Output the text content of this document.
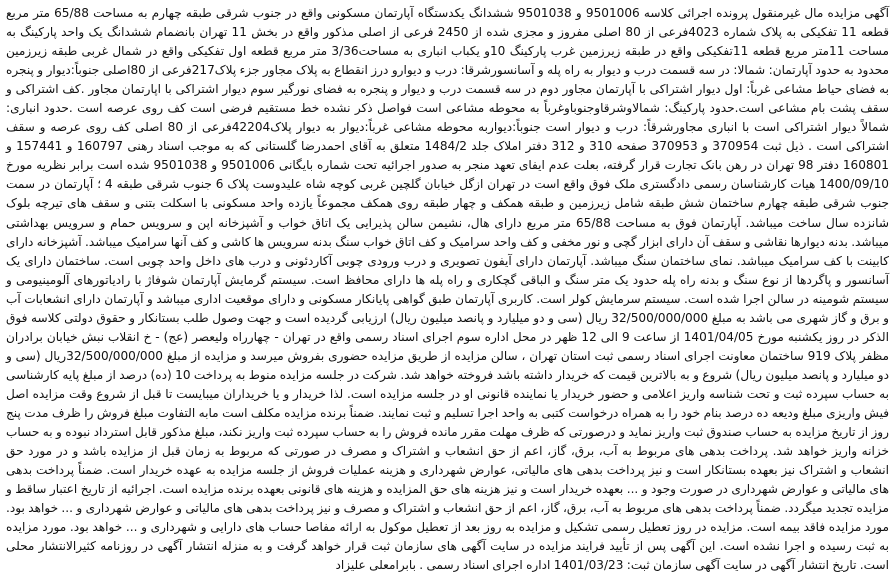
آگهی مزایده مال غیرمنقول پرونده اجرائی کلاسه 9501006 و 9501038 ششدانگ یکدستگاه آپارتمان مسکونی واقع در جنوب شرقی طبقه چهارم به مساحت 65/88 متر مربع قطعه 11 تفکیکی به پلاک شماره 4023فرعی از 80 اصلی مفروز و مجزی شده از 2450 فرعی از اصلی مذکور واقع در بخش 11 تهران بانضمام ششدانگ یک واحد پارکینگ به مساحت 11متر مربع قطعه 11تفکیکی واقع در طبقه زیرزمین غرب پارکینگ 10و یکباب انباری به مساحت3/36 متر مربع قطعه اول تفکیکی واقع در شمال غربی طبقه زیرزمین محدود به حدود آپارتمان: شمالا: در سه قسمت درب و دیوار به راه پله و آسانسورشرقا: درب و دیوارو درز انقطاع به پلاک مجاور جزء پلاک217فرعی از 80اصلی جنوباً:دیوار و پنجره به فضای حیاط مشاعی غرباً: اول دیوار اشتراکی با آپارتمان مجاور دوم در سه قسمت درب و دیوار و پنجره به فضای نورگیر سوم دیوار اشتراکی با اپارتمان مجاور .کف اشتراکی و سقف پشت بام مشاعی است.حدود پارکینگ: شمالاوشرقاوجنوباوغرباً به محوطه مشاعی است فواصل ذکر نشده خط مستقیم فرضی است کف روی عرصه است .حدود انباری: شمالاً دیوار اشتراکی است با انباری مجاورشرقاً: درب و دیوار است جنوباً:دیواربه محوطه مشاعی غرباً:دیوار به دیوار پلاک42204فرعی از 80 اصلی کف روی عرصه و سقف اشتراکی است . ذیل ثبت 370954 و 370953 صفحه 310 و 312 دفتر املاک جلد 1484/2 متعلق به آقای احمدرضا گلستانی که به موجب اسناد رهنی 160797 و 157441 و 160801 دفتر 98 تهران در رهن بانک تجارت قرار گرفته، بعلت عدم ایفای تعهد منجر به صدور اجرائیه تحت شماره بایگانی 9501006 و 9501038 شده است برابر نظریه مورخ 1400/09/10 هیات کارشناسان رسمی دادگستری ملک فوق واقع است در تهران ازگل خیابان گلچین غربی کوچه شاه علیدوست پلاک 6 جنوب شرقی طبقه 4 ؛ آپارتمان در سمت جنوب شرقی طبقه چهارم ساختمان شش طبقه شامل زیرزمین و طبقه همکف و چهار طبقه روی همکف مجموعاً یازده واحد مسکونی با اسکلت بتنی و سقف های تیرچه بلوک شانزده سال ساخت میباشد. آپارتمان فوق به مساحت 65/88 متر مربع دارای هال، نشیمن سالن پذیرایی یک اتاق خواب و آشپزخانه اپن و سرویس حمام و سرویس بهداشتی میباشد. بدنه دیوارها نقاشی و سقف آن دارای ابزار گچی و نور مخفی و کف واحد سرامیک و کف اتاق خواب سنگ بدنه سرویس ها کاشی و کف آنها سرامیک میباشد. آشپزخانه دارای کابینت با کف سرامیک میباشد. نمای ساختمان سنگ میباشد. آپارتمان دارای آیفون تصویری و درب ورودی چوبی آکاردئونی و درب های داخل واحد چوبی است. ساختمان دارای یک آسانسور و پاگردها از نوع سنگ و بدنه راه پله حدود یک متر سنگ و الباقی گچکاری و راه پله ها دارای محافظ است. سیستم گرمایش آپارتمان شوفاژ با رادیاتورهای آلومینیومی و سیستم شومینه در سالن اجرا شده است. سیستم سرمایش کولر است. کاربری آپارتمان طبق گواهی پایانکار مسکونی و دارای موقعیت اداری میباشد و آپارتمان دارای انشعابات آب و برق و گاز شهری می باشد به مبلغ 32/500/000/000 ریال (سی و دو میلیارد و پانصد میلیون ریال) ارزیابی گردیده است و جهت وصول طلب بستانکار و حقوق دولتی کلاسه فوق الذکر در روز یکشنبه مورخ 1401/04/05 از ساعت 9 الی 12 ظهر در محل اداره سوم اجرای اسناد رسمی واقع در تهران - چهارراه ولیعصر (عج) - خ انقلاب نبش خیابان برادران مظفر پلاک 919 ساختمان معاونت اجرای اسناد رسمی ثبت استان تهران ، سالن مزایده از طریق مزایده حضوری بفروش میرسد و مزایده از مبلغ 32/500/000/000ریال (سی و دو میلیارد و پانصد میلیون ریال) شروع و به بالاترین قیمت که خریدار داشته باشد فروخته خواهد شد. شرکت در جلسه مزایده منوط به پرداخت 10 (ده) درصد از مبلغ پایه کارشناسی به حساب سپرده ثبت و تحت شناسه واریز اعلامی و حضور خریدار یا نماینده قانونی او در جلسه مزایده است. لذا خریدار و یا خریداران میبایست تا قبل از شروع وقت مزایده اصل فیش واریزی مبلغ ودیعه ده درصد بنام خود را به همراه درخواست کتبی به واحد اجرا تسلیم و ثبت نمایند. ضمناً برنده مزایده مکلف است مابه التفاوت مبلغ فروش را ظرف مدت پنج روز از تاریخ مزایده به حساب صندوق ثبت واریز نماید و درصورتی که ظرف مهلت مقرر مانده فروش را به حساب سپرده ثبت واریز نکند، مبلغ مذکور قابل استرداد نبوده و به حساب خزانه واریز خواهد شد. پرداخت بدهی های مربوط به آب، برق، گاز، اعم از حق انشعاب و اشتراک و مصرف در صورتی که مربوط به زمان قبل از مزایده باشد و در مورد حق انشعاب و اشتراک نیز بعهده بستانکار است و نیز پرداخت بدهی های مالیاتی، عوارض شهرداری و هزینه عملیات فروش از جلسه مزایده به عهده خریدار است. ضمناً پرداخت بدهی های مالیاتی و عوارض شهرداری در صورت وجود و ... بعهده خریدار است و نیز هزینه های حق المزایده و هزینه های قانونی بعهده برنده مزایده است. اجرائیه از تاریخ اعتبار ساقط و مزایده تجدید میگردد. ضمناً پرداخت بدهی های مربوط به آب، برق، گاز، اعم از حق انشعاب و اشتراک و مصرف و نیز پرداخت بدهی های مالیاتی و عوارض شهرداری و ... خواهد بود. مورد مزایده فاقد بیمه است. مزایده در روز تعطیل رسمی تشکیل و مزایده به روز بعد از تعطیل موکول به ارائه مفاصا حساب های دارایی و شهرداری و ... خواهد بود. مورد مزایده به ثبت رسیده و اجرا نشده است. این آگهی پس از تأیید فرایند مزایده در سایت آگهی های سازمان ثبت قرار خواهد گرفت و به منزله انتشار آگهی در روزنامه کثیرالانتشار محلی است. تاریخ انتشار آگهی در سایت آگهی سازمان ثبت: 1401/03/23 اداره اجرای اسناد رسمی . بابرامعلی علیزاد
